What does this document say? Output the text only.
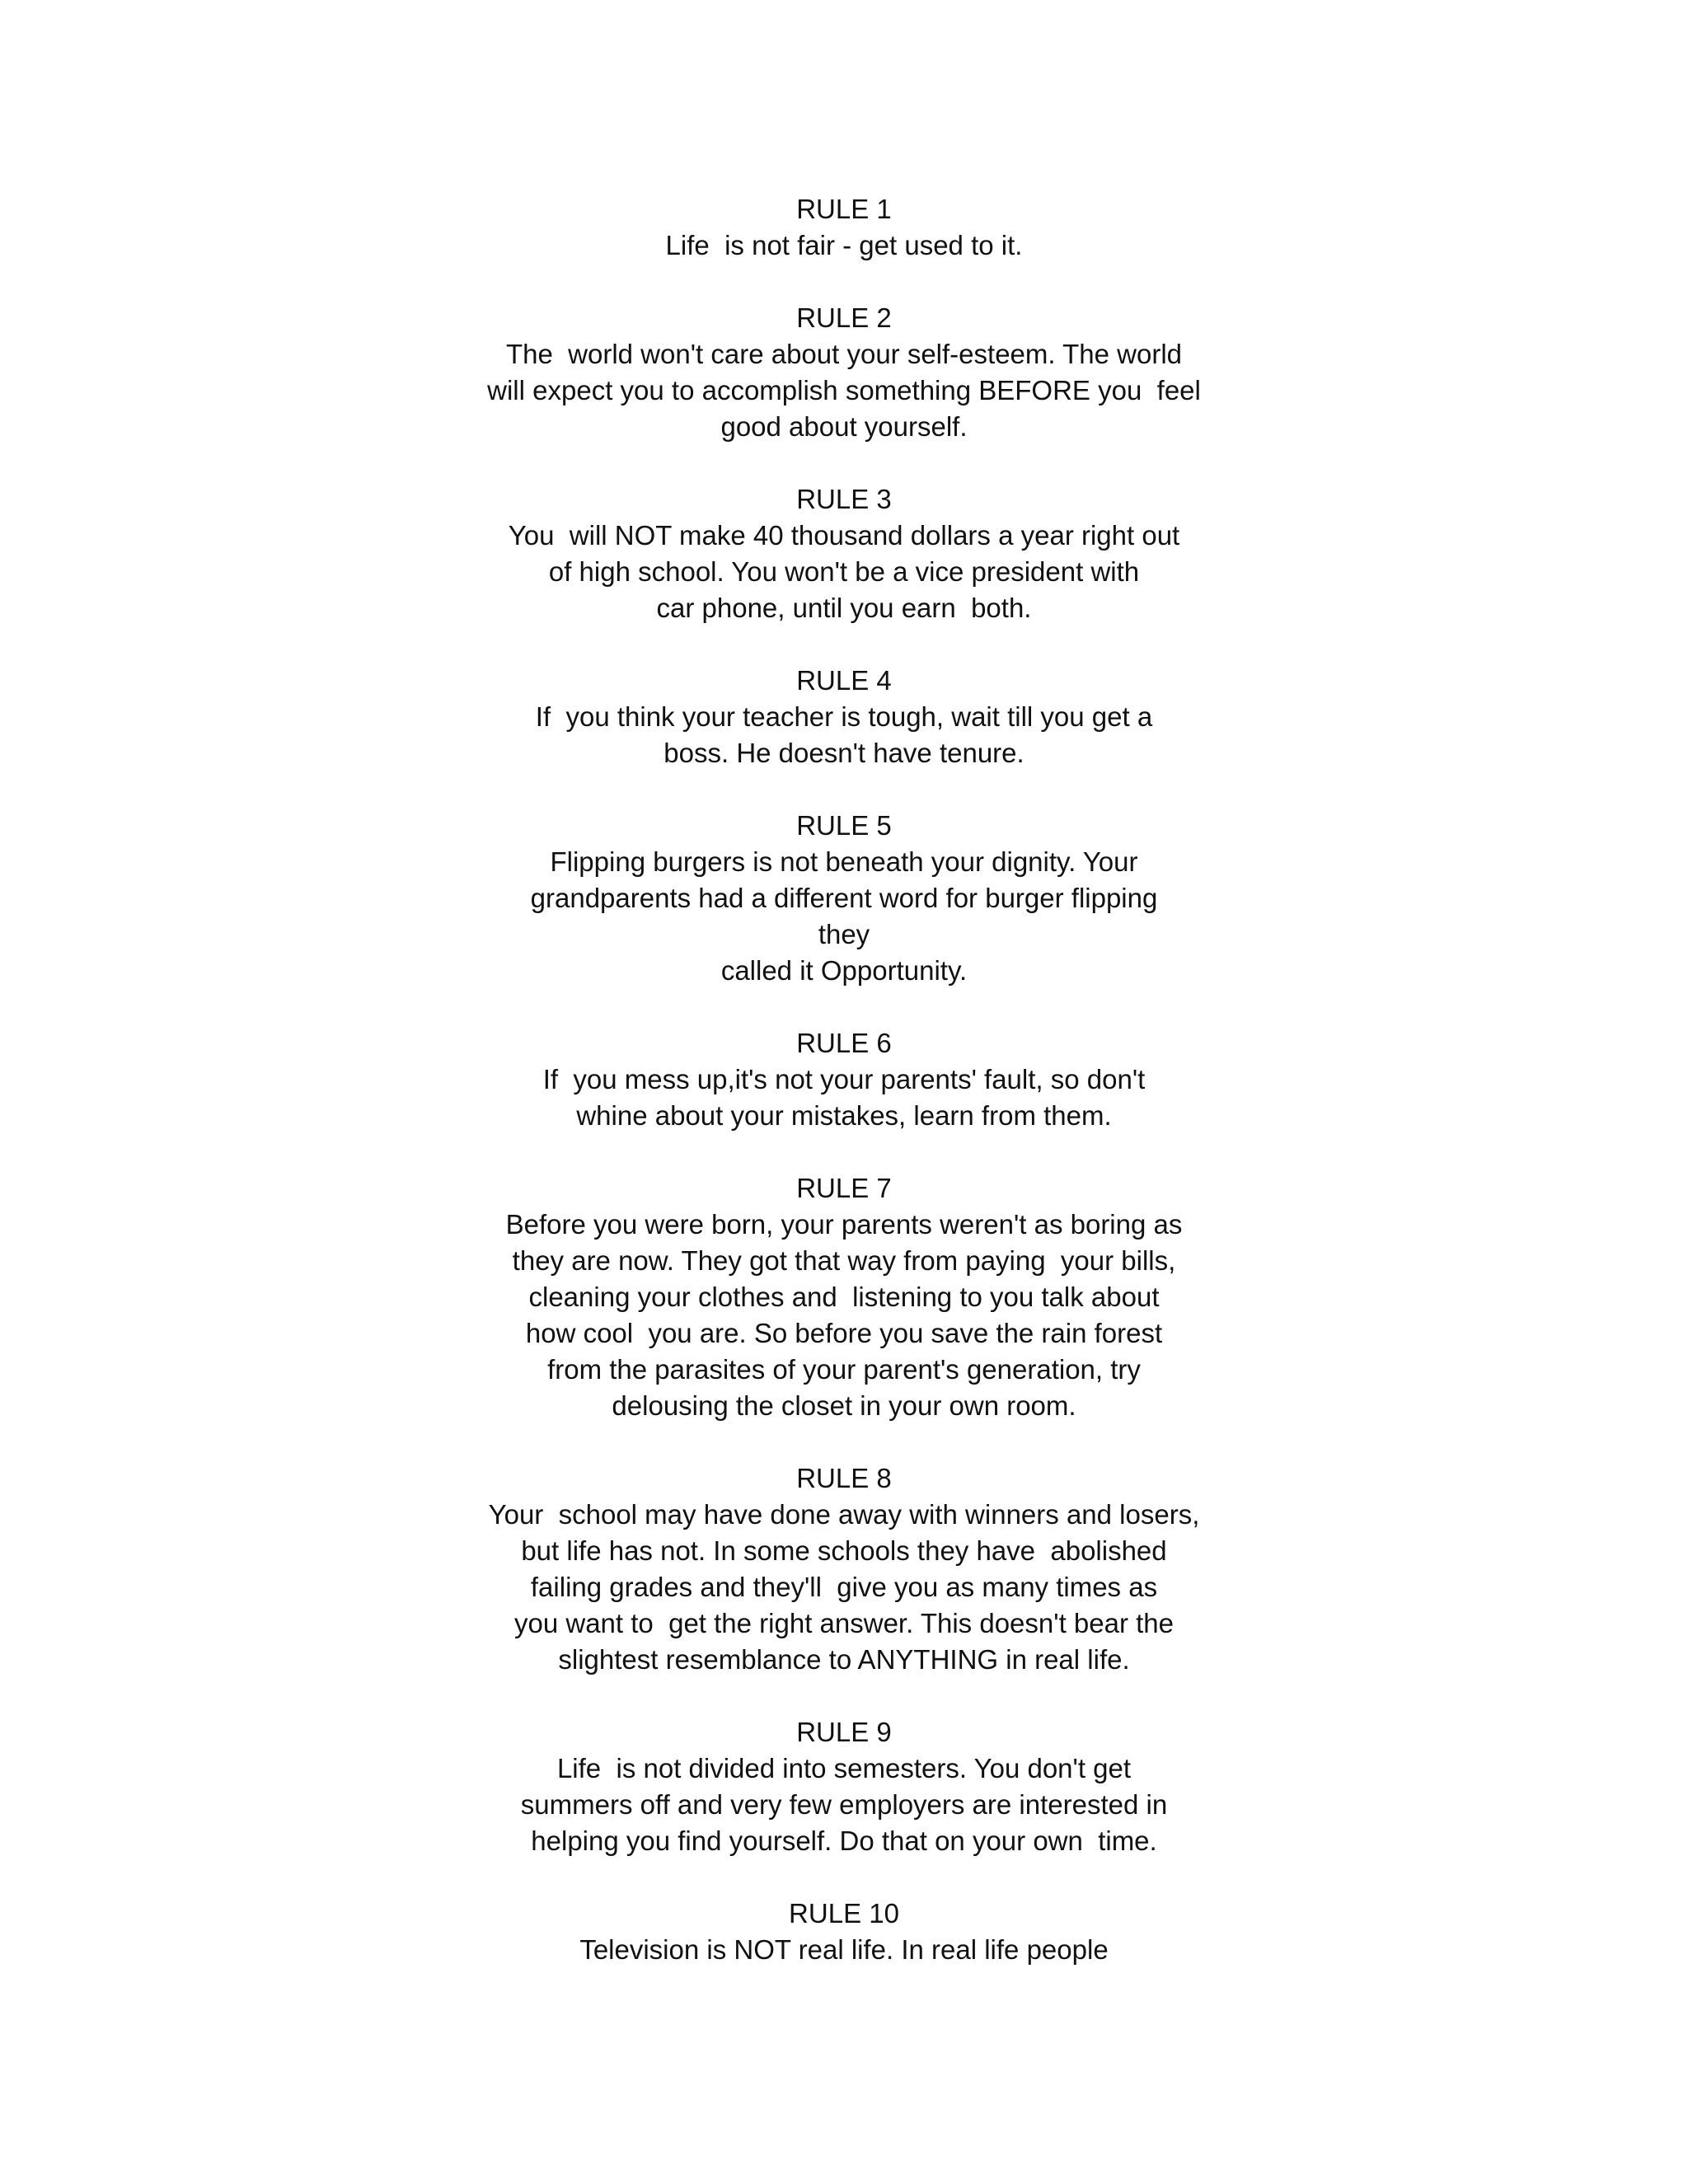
RULE 1
Life  is not fair - get used to it.
RULE 2
The  world won't care about your self-esteem. The world
will expect you to accomplish something BEFORE you  feel
good about yourself.
RULE 3
You  will NOT make 40 thousand dollars a year right out
of high school. You won't be a vice president with
car phone, until you earn  both.
RULE 4
If  you think your teacher is tough, wait till you get a
boss. He doesn't have tenure.
RULE 5
Flipping burgers is not beneath your dignity. Your
grandparents had a different word for burger flipping
they
called it Opportunity.
RULE 6
If  you mess up,it's not your parents' fault, so don't
whine about your mistakes, learn from them.
RULE 7
Before you were born, your parents weren't as boring as
they are now. They got that way from paying  your bills,
cleaning your clothes and  listening to you talk about
how cool  you are. So before you save the rain forest
from the parasites of your parent's generation, try
delousing the closet in your own room.
RULE 8
Your  school may have done away with winners and losers,
but life has not. In some schools they have  abolished
failing grades and they'll  give you as many times as
you want to  get the right answer. This doesn't bear the
slightest resemblance to ANYTHING in real life.
RULE 9
Life  is not divided into semesters. You don't get
summers off and very few employers are interested in
helping you find yourself. Do that on your own  time.
RULE 10
Television is NOT real life. In real life people
